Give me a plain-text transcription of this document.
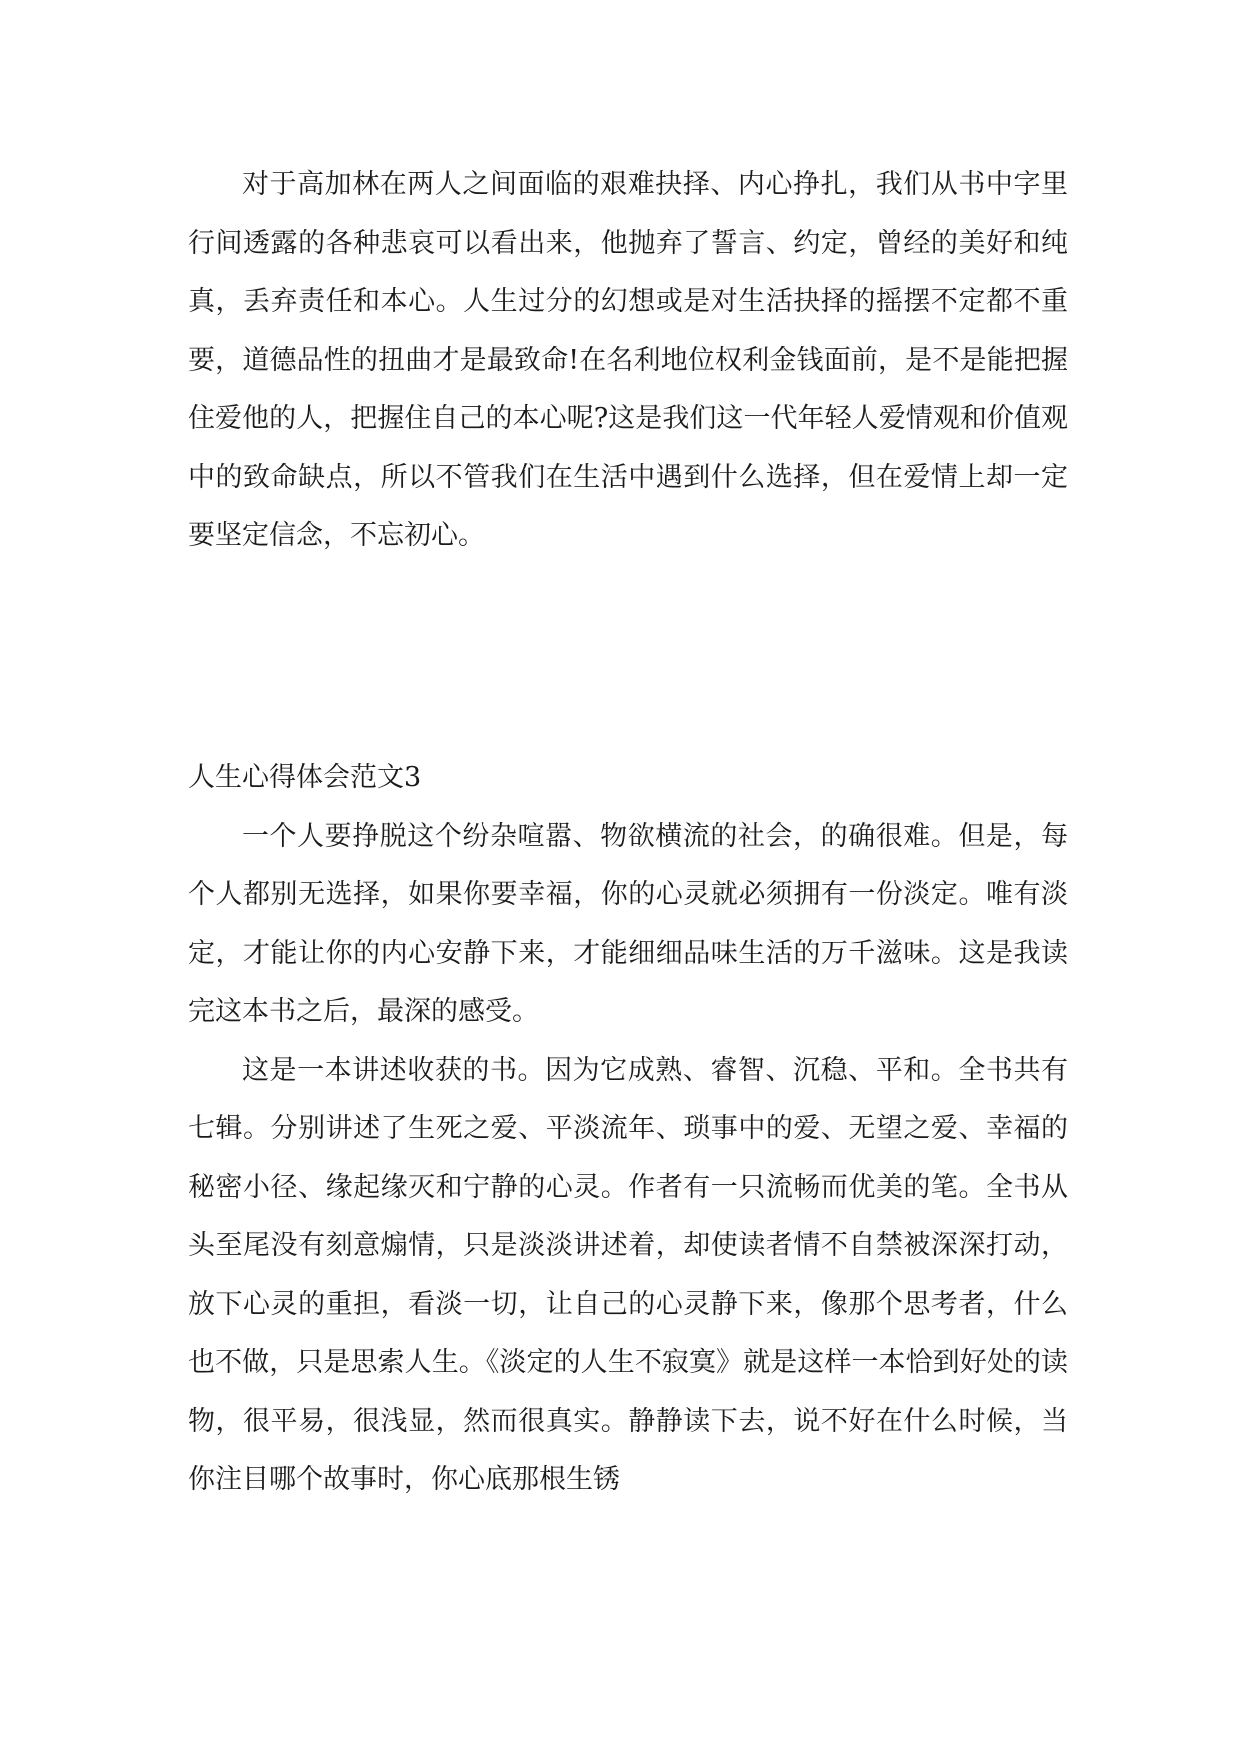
对于高加林在两人之间面临的艰难抉择、内心挣扎，我们从书中字里行间透露的各种悲哀可以看出来，他抛弃了誓言、约定，曾经的美好和纯真，丢弃责任和本心。人生过分的幻想或是对生活抉择的摇摆不定都不重要，道德品性的扭曲才是最致命!在名利地位权利金钱面前，是不是能把握住爱他的人，把握住自己的本心呢?这是我们这一代年轻人爱情观和价值观中的致命缺点，所以不管我们在生活中遇到什么选择，但在爱情上却一定要坚定信念，不忘初心。

人生心得体会范文3

一个人要挣脱这个纷杂喧嚣、物欲横流的社会，的确很难。但是，每个人都别无选择，如果你要幸福，你的心灵就必须拥有一份淡定。唯有淡定，才能让你的内心安静下来，才能细细品味生活的万千滋味。这是我读完这本书之后，最深的感受。

这是一本讲述收获的书。因为它成熟、睿智、沉稳、平和。全书共有七辑。分别讲述了生死之爱、平淡流年、琐事中的爱、无望之爱、幸福的秘密小径、缘起缘灭和宁静的心灵。作者有一只流畅而优美的笔。全书从头至尾没有刻意煽情，只是淡淡讲述着，却使读者情不自禁被深深打动，放下心灵的重担，看淡一切，让自己的心灵静下来，像那个思考者，什么也不做，只是思索人生。《淡定的人生不寂寞》就是这样一本恰到好处的读物，很平易，很浅显，然而很真实。静静读下去，说不好在什么时候，当你注目哪个故事时，你心底那根生锈
